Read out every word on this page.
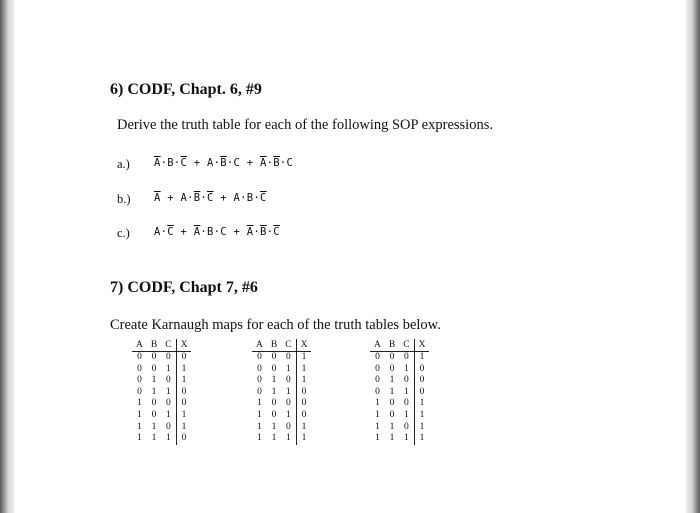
6) CODF, Chapt. 6, #9
Derive the truth table for each of the following SOP expressions.
a.) $\overline{A}\cdot B\cdot\overline{C} + A\cdot\overline{B}\cdot C + \overline{A}\cdot\overline{B}\cdot C$
b.) $\overline{A} + A\cdot\overline{B}\cdot\overline{C} + A\cdot B\cdot\overline{C}$
c.) $A\cdot\overline{C} + \overline{A}\cdot B\cdot C + \overline{A}\cdot\overline{B}\cdot\overline{C}$
7) CODF, Chapt 7, #6
Create Karnaugh maps for each of the truth tables below.
A	B	C	X
0	0	0	0
0	0	1	1
0	1	0	1
0	1	1	0
1	0	0	0
1	0	1	1
1	1	0	1
1	1	1	0
A	B	C	X
0	0	0	1
0	0	1	1
0	1	0	1
0	1	1	0
1	0	0	0
1	0	1	0
1	1	0	1
1	1	1	1
A	B	C	X
0	0	0	1
0	0	1	0
0	1	0	0
0	1	1	0
1	0	0	1
1	0	1	1
1	1	0	1
1	1	1	1
